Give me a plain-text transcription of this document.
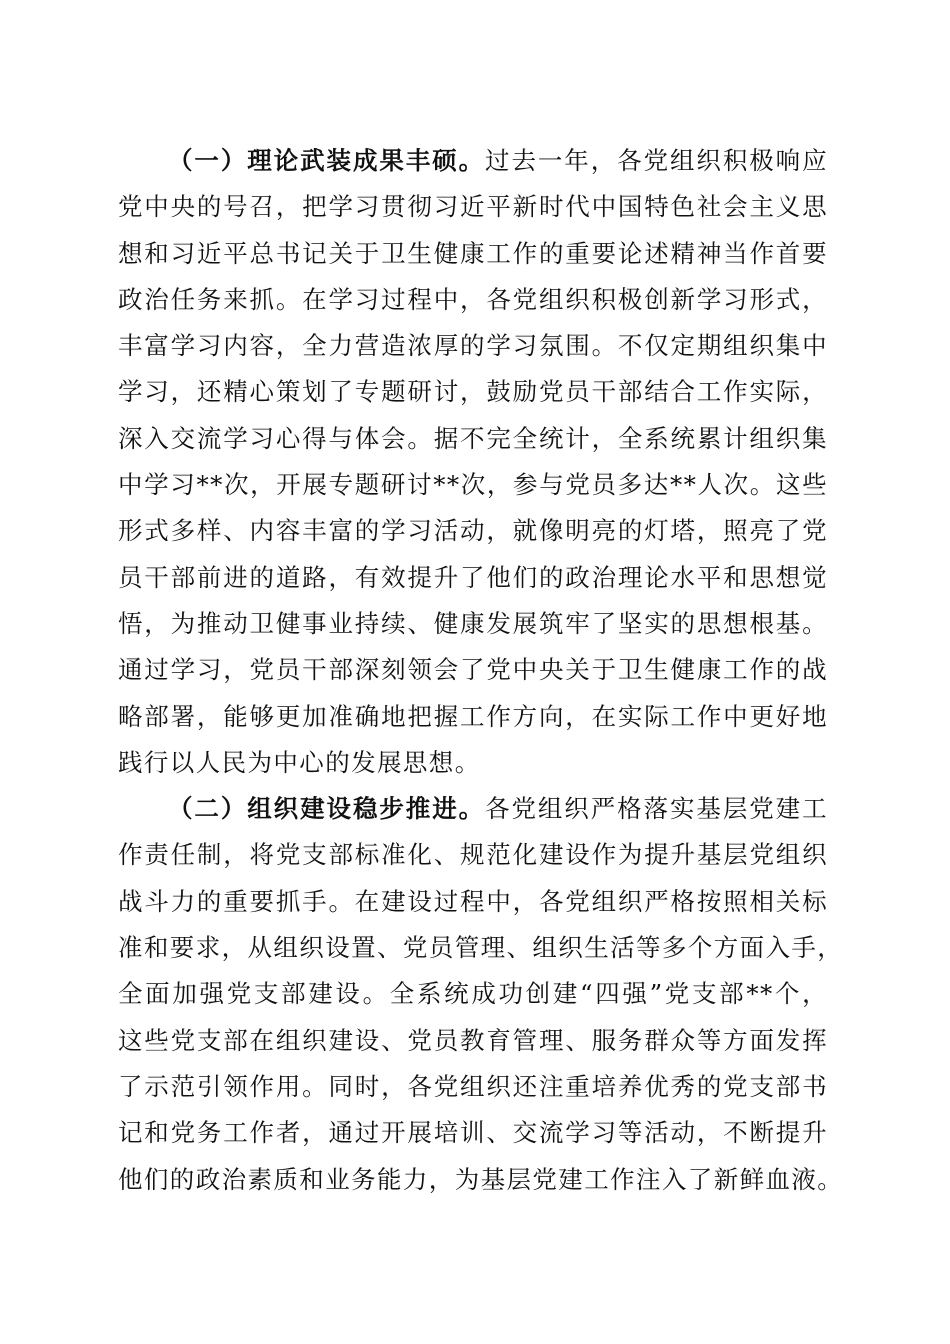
（一）理论武装成果丰硕。过去一年，各党组织积极响应
党中央的号召，把学习贯彻习近平新时代中国特色社会主义思
想和习近平总书记关于卫生健康工作的重要论述精神当作首要
政治任务来抓。在学习过程中，各党组织积极创新学习形式，
丰富学习内容，全力营造浓厚的学习氛围。不仅定期组织集中
学习，还精心策划了专题研讨，鼓励党员干部结合工作实际，
深入交流学习心得与体会。据不完全统计，全系统累计组织集
中学习**次，开展专题研讨**次，参与党员多达**人次。这些
形式多样、内容丰富的学习活动，就像明亮的灯塔，照亮了党
员干部前进的道路，有效提升了他们的政治理论水平和思想觉
悟，为推动卫健事业持续、健康发展筑牢了坚实的思想根基。
通过学习，党员干部深刻领会了党中央关于卫生健康工作的战
略部署，能够更加准确地把握工作方向，在实际工作中更好地
践行以人民为中心的发展思想。
（二）组织建设稳步推进。各党组织严格落实基层党建工
作责任制，将党支部标准化、规范化建设作为提升基层党组织
战斗力的重要抓手。在建设过程中，各党组织严格按照相关标
准和要求，从组织设置、党员管理、组织生活等多个方面入手，
全面加强党支部建设。全系统成功创建“四强”党支部**个，
这些党支部在组织建设、党员教育管理、服务群众等方面发挥
了示范引领作用。同时，各党组织还注重培养优秀的党支部书
记和党务工作者，通过开展培训、交流学习等活动，不断提升
他们的政治素质和业务能力，为基层党建工作注入了新鲜血液。
